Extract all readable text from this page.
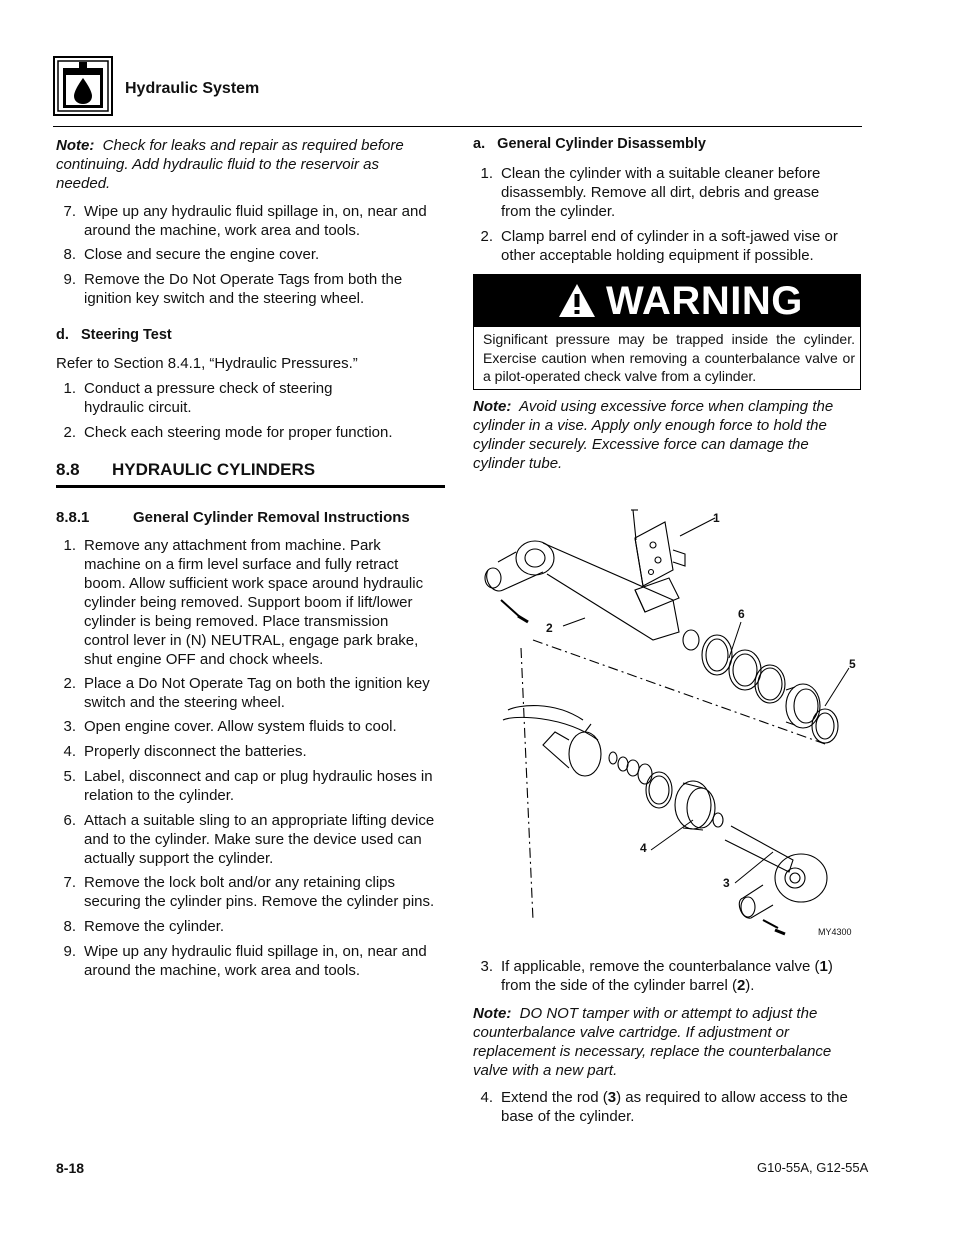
Hydraulic System
Note: Check for leaks and repair as required before continuing. Add hydraulic fluid to the reservoir as needed.
7. Wipe up any hydraulic fluid spillage in, on, near and
around the machine, work area and tools.
8. Close and secure the engine cover.
9. Remove the Do Not Operate Tags from both the
ignition key switch and the steering wheel.
d.   Steering Test
Refer to Section 8.4.1, “Hydraulic Pressures.”
1. Conduct a pressure check of steering
hydraulic circuit.
2. Check each steering mode for proper function.
8.8 HYDRAULIC CYLINDERS
8.8.1	General Cylinder Removal Instructions
1. Remove any attachment from machine. Park
machine on a firm level surface and fully retract
boom. Allow sufficient work space around hydraulic
cylinder being removed. Support boom if lift/lower
cylinder is being removed. Place transmission
control lever in (N) NEUTRAL, engage park brake,
shut engine OFF and chock wheels.
2. Place a Do Not Operate Tag on both the ignition key
switch and the steering wheel.
3. Open engine cover. Allow system fluids to cool.
4. Properly disconnect the batteries.
5. Label, disconnect and cap or plug hydraulic hoses in
relation to the cylinder.
6. Attach a suitable sling to an appropriate lifting device
and to the cylinder. Make sure the device used can
actually support the cylinder.
7. Remove the lock bolt and/or any retaining clips
securing the cylinder pins. Remove the cylinder pins.
8. Remove the cylinder.
9. Wipe up any hydraulic fluid spillage in, on, near and
around the machine, work area and tools.
a.   General Cylinder Disassembly
1. Clean the cylinder with a suitable cleaner before
disassembly. Remove all dirt, debris and grease
from the cylinder.
2. Clamp barrel end of cylinder in a soft-jawed vise or
other acceptable holding equipment if possible.
WARNING
Significant pressure may be trapped inside the cylinder. Exercise caution when removing a counterbalance valve or a pilot-operated check valve from a cylinder.
Note: Avoid using excessive force when clamping the cylinder in a vise. Apply only enough force to hold the cylinder securely. Excessive force can damage the cylinder tube.
1
2
6
5
4
3
MY4300
3. If applicable, remove the counterbalance valve (1)
from the side of the cylinder barrel (2).
Note: DO NOT tamper with or attempt to adjust the counterbalance valve cartridge. If adjustment or replacement is necessary, replace the counterbalance valve with a new part.
4. Extend the rod (3) as required to allow access to the
base of the cylinder.
8-18	G10-55A, G12-55A
